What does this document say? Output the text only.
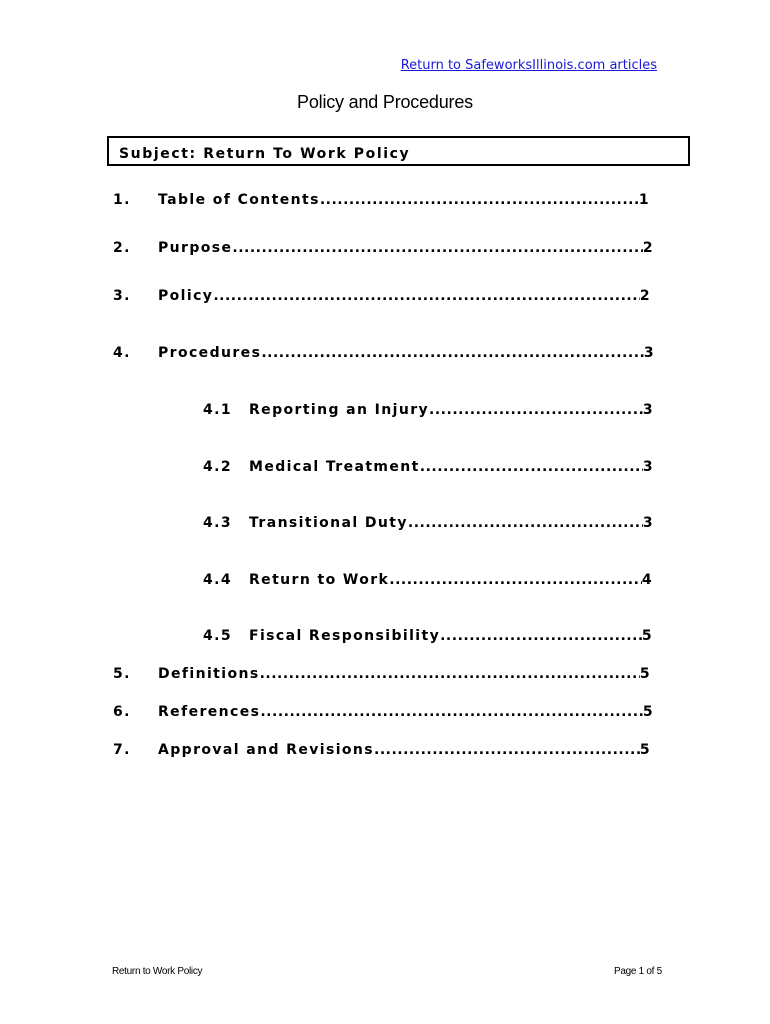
Return to SafeworksIllinois.com articles
Policy and Procedures
Subject: Return To Work Policy
1. Table of Contents .....	1
2. Purpose .....	2
3. Policy .....	2
4. Procedures .....	3
4.1 Reporting an Injury .....	3
4.2 Medical Treatment .....	3
4.3 Transitional Duty .....	3
4.4 Return to Work .....	4
4.5 Fiscal Responsibility .....	5
5. Definitions .....	5
6. References .....	5
7. Approval and Revisions .....	5
Return to Work Policy	Page 1 of 5
